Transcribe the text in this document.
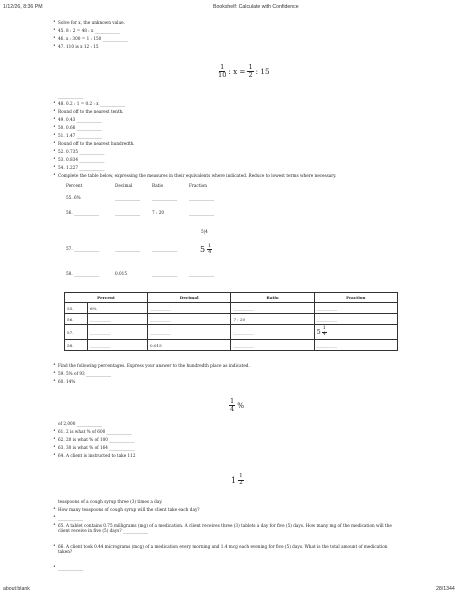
1/12/26, 8:36 PM	Bookshelf: Calculate with Confidence
• Solve for x, the unknown value.
• 45. 8 : 2 = 48 : x ____________
• 46. x : 300 = 1 : 150 ____________
• 47. 110 is x 12 : 15
$\frac{1}{10}$ : $x = \frac{1}{2}$ : 15
____________
• 48. 0.2 : 1 = 0.2 : x ____________
• Round off to the nearest tenth.
• 49. 0.43 ____________
• 50. 0.66 ____________
• 51. 1.47 ____________
• Round off to the nearest hundredth.
• 52. 0.735 ____________
• 53. 0.834 ____________
• 54. 1.227 ____________
• Complete the table below, expressing the measures in their equivalents where indicated. Reduce to lowest terms where necessary.
Percent	Decimal	Ratio	Fraction
55. 6%	____________	____________	____________
56. ____________	____________	7 : 20	____________
5|4
57. ____________	____________	____________	$5 \frac{1}{4}$
58. ____________	0.015	____________	____________
Percent		Decimal	Ratio	Fraction
55.	6%	__________	__________	__________
56.	__________	__________	7 : 20	__________
57.	__________	__________	__________	$5 \frac{1}{4}$

58.	__________	0.015	__________	__________
• Find the following percentages. Express your answer to the hundredth place as indicated.
• 59. 5% of 93 ____________
• 60. 14%
$\frac{1}{4}$ %
of 2,000 ____________
• 61. 2 is what % of 600 ____________
• 62. 20 is what % of 100 ____________
• 63. 30 is what % of 164 ____________
• 64. A client is instructed to take 112
$1 \frac{1}{2}$
teaspoons of a cough syrup three (3) times a day.
• How many teaspoons of cough syrup will the client take each day?
• ____________
• 65. A tablet contains 0.75 milligrams (mg) of a medication. A client receives three (3) tablets a day for five (5) days. How many mg of the medication will the client receive in five (5) days? ____________
• 66. A client took 0.44 micrograms (mcg) of a medication every morning and 1.4 mcg each evening for five (5) days. What is the total amount of medication taken?
• ____________
about:blank	28/1344
